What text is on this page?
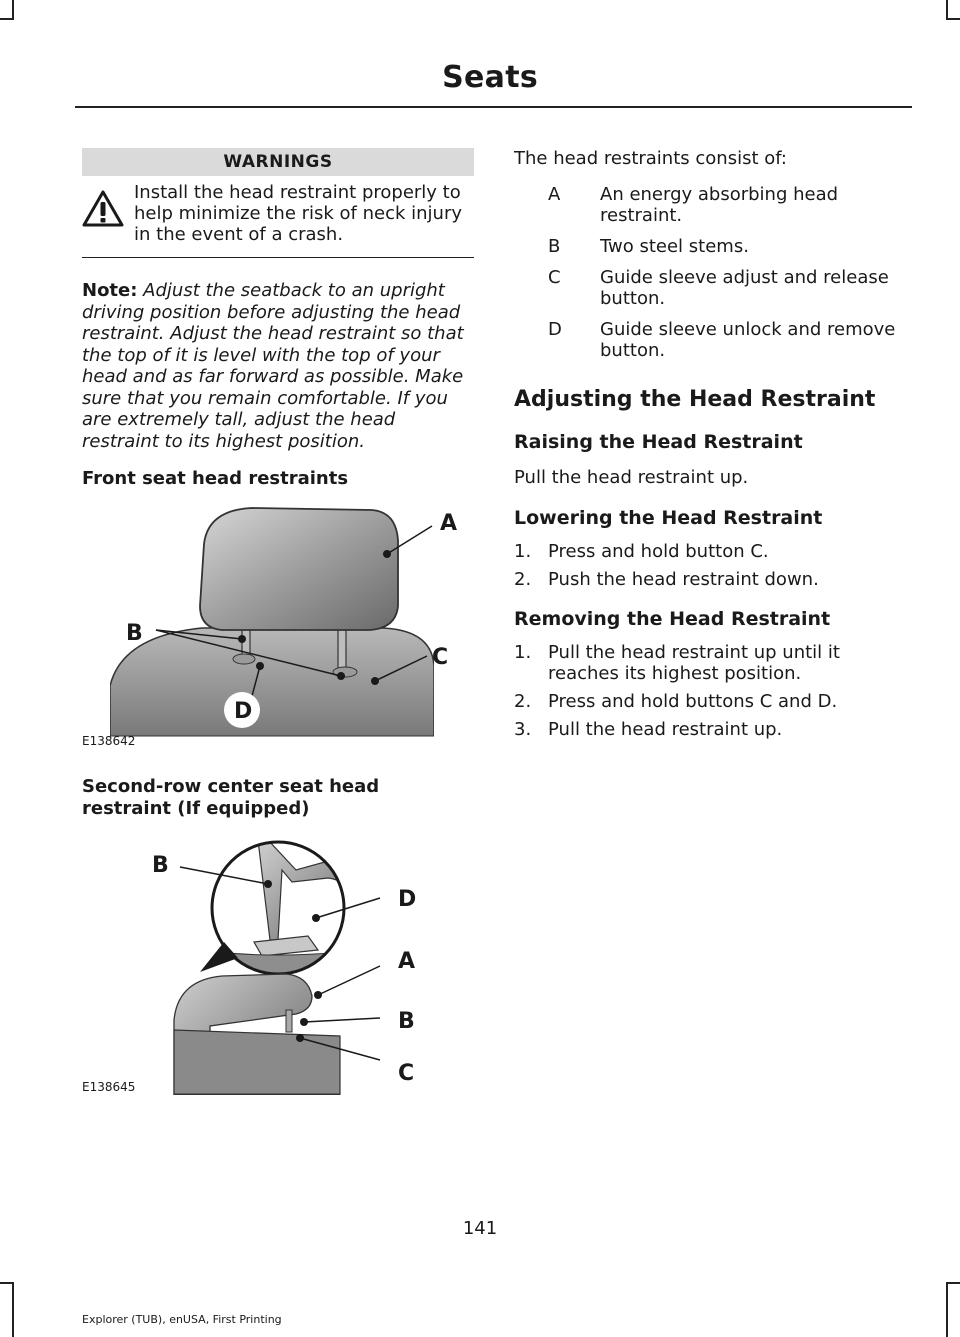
Seats
WARNINGS
Install the head restraint properly to help minimize the risk of neck injury in the event of a crash.
Note: Adjust the seatback to an upright driving position before adjusting the head restraint. Adjust the head restraint so that the top of it is level with the top of your head and as far forward as possible. Make sure that you remain comfortable. If you are extremely tall, adjust the head restraint to its highest position.
Front seat head restraints
A
B
C
D
E138642
Second-row center seat head restraint (If equipped)
B
D
A
B
C
E138645

The head restraints consist of:

A	An energy absorbing head restraint.
B	Two steel stems.
C	Guide sleeve adjust and release button.
D	Guide sleeve unlock and remove button.
Adjusting the Head Restraint
Raising the Head Restraint

Pull the head restraint up.

Lowering the Head Restraint
1. Press and hold button C.
2. Push the head restraint down.
Removing the Head Restraint
1. Pull the head restraint up until it reaches its highest position.
2. Press and hold buttons C and D.
3. Pull the head restraint up.
141
Explorer (TUB), enUSA, First Printing
